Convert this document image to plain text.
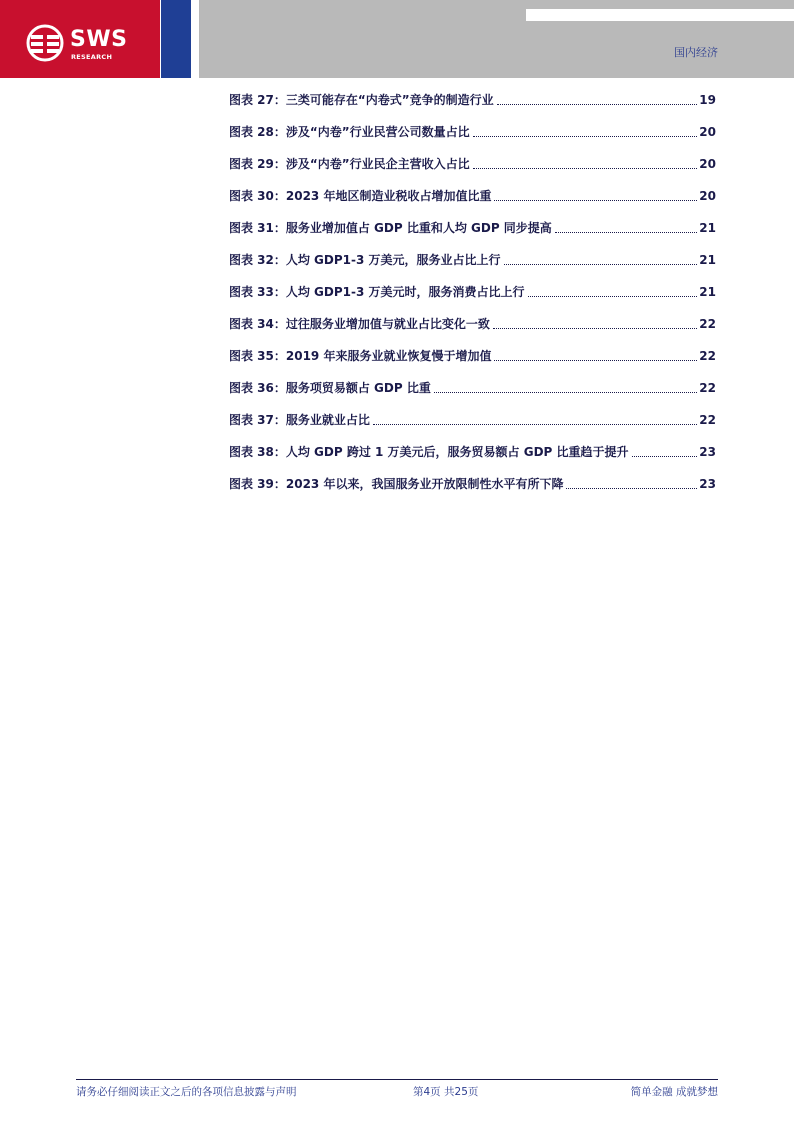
SWS
RESEARCH	国内经济
图表 27：三类可能存在“内卷式”竞争的制造行业	19
图表 28：涉及“内卷”行业民营公司数量占比	20
图表 29：涉及“内卷”行业民企主营收入占比	20
图表 30：2023 年地区制造业税收占增加值比重	20
图表 31：服务业增加值占 GDP 比重和人均 GDP 同步提高	21
图表 32：人均 GDP1-3 万美元，服务业占比上行	21
图表 33：人均 GDP1-3 万美元时，服务消费占比上行	21
图表 34：过往服务业增加值与就业占比变化一致	22
图表 35：2019 年来服务业就业恢复慢于增加值	22
图表 36：服务项贸易额占 GDP 比重	22
图表 37：服务业就业占比	22
图表 38：人均 GDP 跨过 1 万美元后，服务贸易额占 GDP 比重趋于提升	23
图表 39：2023 年以来，我国服务业开放限制性水平有所下降	23
请务必仔细阅读正文之后的各项信息披露与声明	第4页 共25页	简单金融 成就梦想
